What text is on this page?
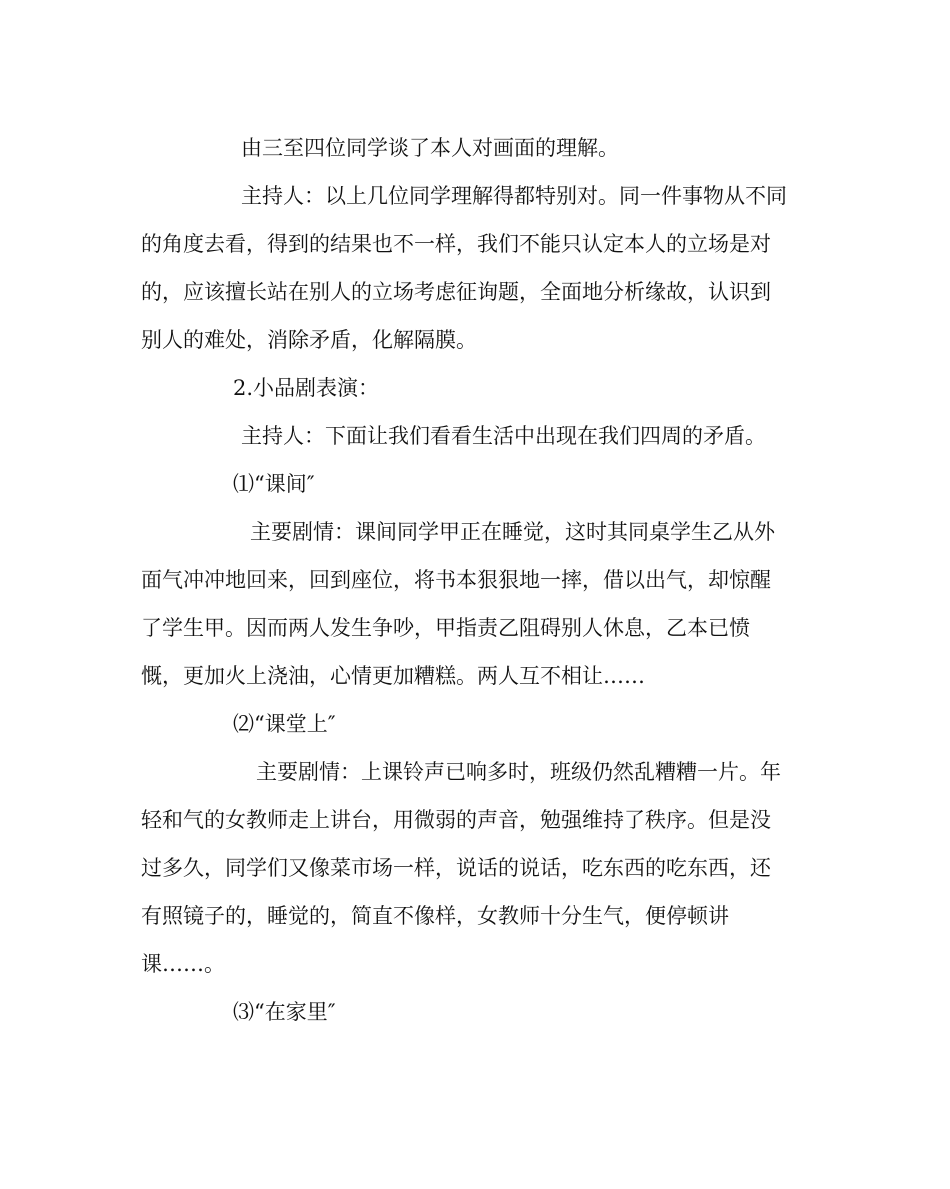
由三至四位同学谈了本人对画面的理解。

主持人：以上几位同学理解得都特别对。同一件事物从不同

的角度去看，得到的结果也不一样，我们不能只认定本人的立场是对

的，应该擅长站在别人的立场考虑征询题，全面地分析缘故，认识到

别人的难处，消除矛盾，化解隔膜。

2.小品剧表演：

主持人：下面让我们看看生活中出现在我们四周的矛盾。

⑴“课间″

主要剧情：课间同学甲正在睡觉，这时其同桌学生乙从外

面气冲冲地回来，回到座位，将书本狠狠地一摔，借以出气，却惊醒

了学生甲。因而两人发生争吵，甲指责乙阻碍别人休息，乙本已愤

慨，更加火上浇油，心情更加糟糕。两人互不相让……

⑵“课堂上″

主要剧情：上课铃声已响多时，班级仍然乱糟糟一片。年

轻和气的女教师走上讲台，用微弱的声音，勉强维持了秩序。但是没

过多久，同学们又像菜市场一样，说话的说话，吃东西的吃东西，还

有照镜子的，睡觉的，简直不像样，女教师十分生气，便停顿讲

课……。

⑶“在家里″
